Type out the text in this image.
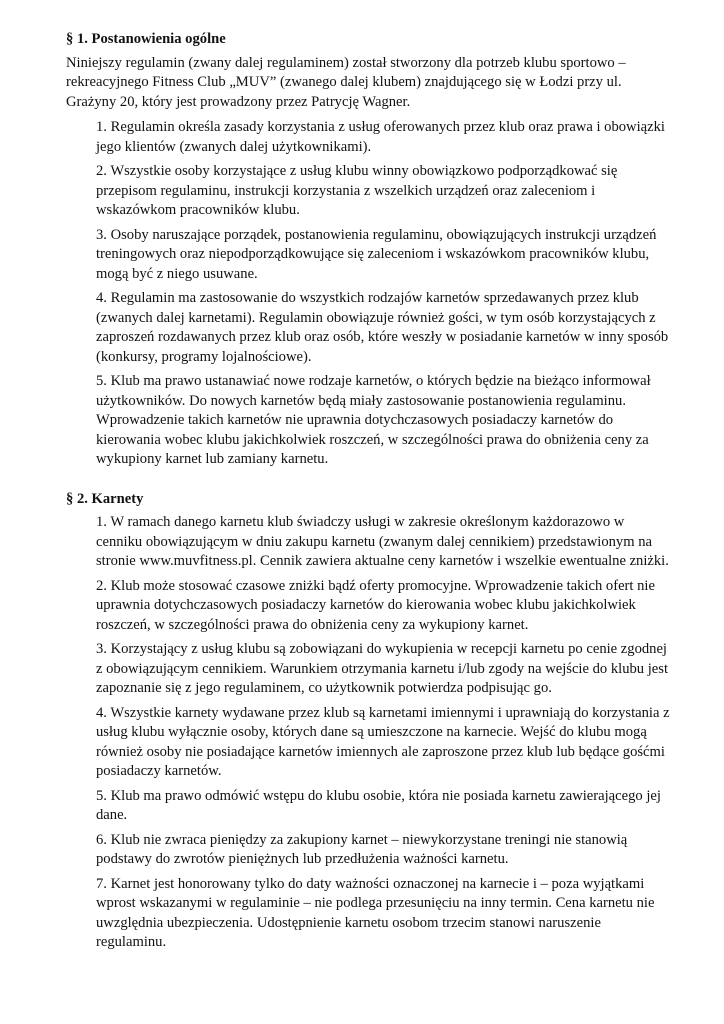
§ 1. Postanowienia ogólne

Niniejszy regulamin (zwany dalej regulaminem) został stworzony dla potrzeb klubu sportowo – rekreacyjnego Fitness Club „MUV” (zwanego dalej klubem) znajdującego się w Łodzi przy ul. Grażyny 20, który jest prowadzony przez Patrycję Wagner.

1. Regulamin określa zasady korzystania z usług oferowanych przez klub oraz prawa i obowiązki jego klientów (zwanych dalej użytkownikami).
2. Wszystkie osoby korzystające z usług klubu winny obowiązkowo podporządkować się przepisom regulaminu, instrukcji korzystania z wszelkich urządzeń oraz zaleceniom i wskazówkom pracowników klubu.
3. Osoby naruszające porządek, postanowienia regulaminu, obowiązujących instrukcji urządzeń treningowych oraz niepodporządkowujące się zaleceniom i wskazówkom pracowników klubu, mogą być z niego usuwane.
4. Regulamin ma zastosowanie do wszystkich rodzajów karnetów sprzedawanych przez klub (zwanych dalej karnetami). Regulamin obowiązuje również gości, w tym osób korzystających z zaproszeń rozdawanych przez klub oraz osób, które weszły w posiadanie karnetów w inny sposób (konkursy, programy lojalnościowe).
5. Klub ma prawo ustanawiać nowe rodzaje karnetów, o których będzie na bieżąco informował użytkowników. Do nowych karnetów będą miały zastosowanie postanowienia regulaminu. Wprowadzenie takich karnetów nie uprawnia dotychczasowych posiadaczy karnetów do kierowania wobec klubu jakichkolwiek roszczeń, w szczególności prawa do obniżenia ceny za wykupiony karnet lub zamiany karnetu.
§ 2. Karnety
1. W ramach danego karnetu klub świadczy usługi w zakresie określonym każdorazowo w cenniku obowiązującym w dniu zakupu karnetu (zwanym dalej cennikiem) przedstawionym na stronie www.muvfitness.pl. Cennik zawiera aktualne ceny karnetów i wszelkie ewentualne zniżki.
2. Klub może stosować czasowe zniżki bądź oferty promocyjne. Wprowadzenie takich ofert nie uprawnia dotychczasowych posiadaczy karnetów do kierowania wobec klubu jakichkolwiek roszczeń, w szczególności prawa do obniżenia ceny za wykupiony karnet.
3. Korzystający z usług klubu są zobowiązani do wykupienia w recepcji karnetu po cenie zgodnej z obowiązującym cennikiem. Warunkiem otrzymania karnetu i/lub zgody na wejście do klubu jest zapoznanie się z jego regulaminem, co użytkownik potwierdza podpisując go.
4. Wszystkie karnety wydawane przez klub są karnetami imiennymi i uprawniają do korzystania z usług klubu wyłącznie osoby, których dane są umieszczone na karnecie. Wejść do klubu mogą również osoby nie posiadające karnetów imiennych ale zaproszone przez klub lub będące gośćmi posiadaczy karnetów.
5. Klub ma prawo odmówić wstępu do klubu osobie, która nie posiada karnetu zawierającego jej dane.
6. Klub nie zwraca pieniędzy za zakupiony karnet – niewykorzystane treningi nie stanowią podstawy do zwrotów pieniężnych lub przedłużenia ważności karnetu.
7. Karnet jest honorowany tylko do daty ważności oznaczonej na karnecie i – poza wyjątkami wprost wskazanymi w regulaminie – nie podlega przesunięciu na inny termin. Cena karnetu nie uwzględnia ubezpieczenia. Udostępnienie karnetu osobom trzecim stanowi naruszenie regulaminu.
